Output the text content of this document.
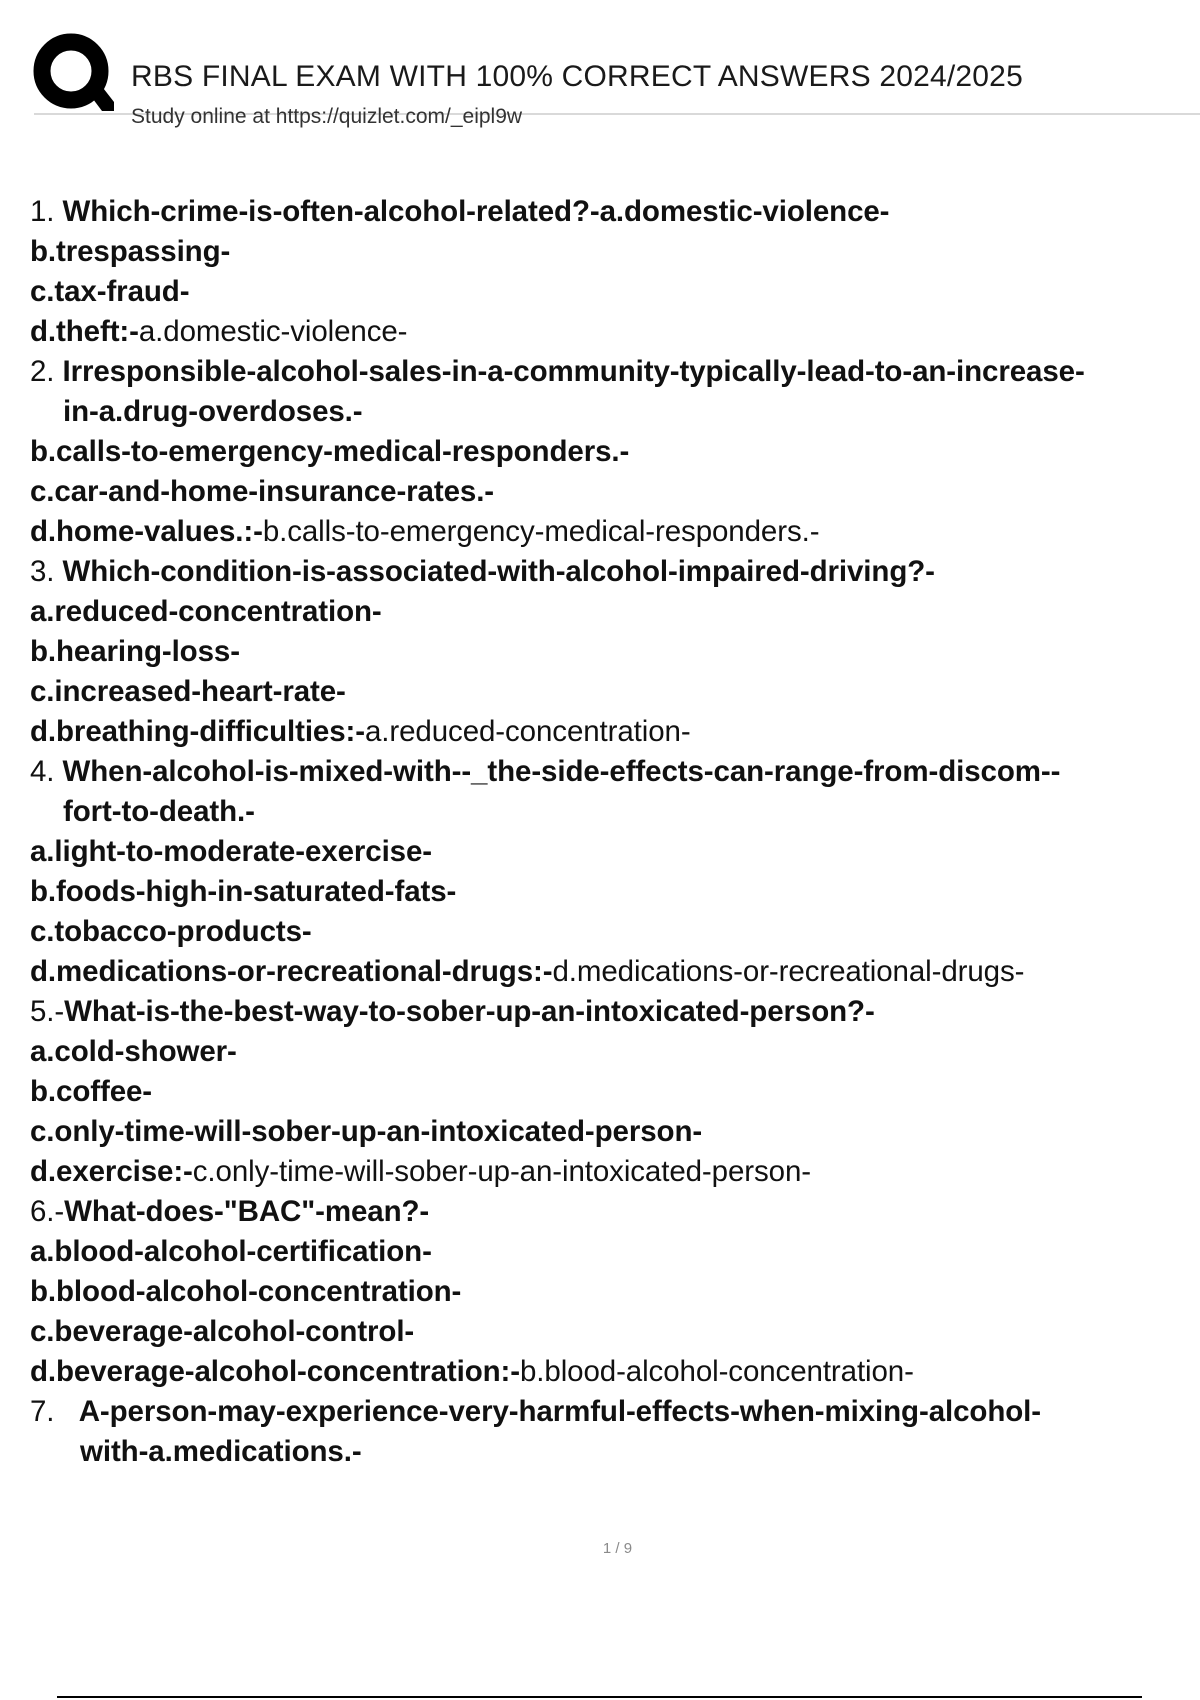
RBS FINAL EXAM WITH 100% CORRECT ANSWERS 2024/2025
Study online at https://quizlet.com/_eipl9w
1. Which-crime-is-often-alcohol-related?-a.domestic-violence-
b.trespassing-
c.tax-fraud-
d.theft:-a.domestic-violence-
2. Irresponsible-alcohol-sales-in-a-community-typically-lead-to-an-increase-
in-a.drug-overdoses.-
b.calls-to-emergency-medical-responders.-
c.car-and-home-insurance-rates.-
d.home-values.:-b.calls-to-emergency-medical-responders.-
3. Which-condition-is-associated-with-alcohol-impaired-driving?-
a.reduced-concentration-
b.hearing-loss-
c.increased-heart-rate-
d.breathing-difficulties:-a.reduced-concentration-
4. When-alcohol-is-mixed-with--_the-side-effects-can-range-from-discom--
fort-to-death.-
a.light-to-moderate-exercise-
b.foods-high-in-saturated-fats-
c.tobacco-products-
d.medications-or-recreational-drugs:-d.medications-or-recreational-drugs-
5.-What-is-the-best-way-to-sober-up-an-intoxicated-person?-
a.cold-shower-
b.coffee-
c.only-time-will-sober-up-an-intoxicated-person-
d.exercise:-c.only-time-will-sober-up-an-intoxicated-person-
6.-What-does-"BAC"-mean?-
a.blood-alcohol-certification-
b.blood-alcohol-concentration-
c.beverage-alcohol-control-
d.beverage-alcohol-concentration:-b.blood-alcohol-concentration-
7. A-person-may-experience-very-harmful-effects-when-mixing-alcohol-
with-a.medications.-
1 / 9
